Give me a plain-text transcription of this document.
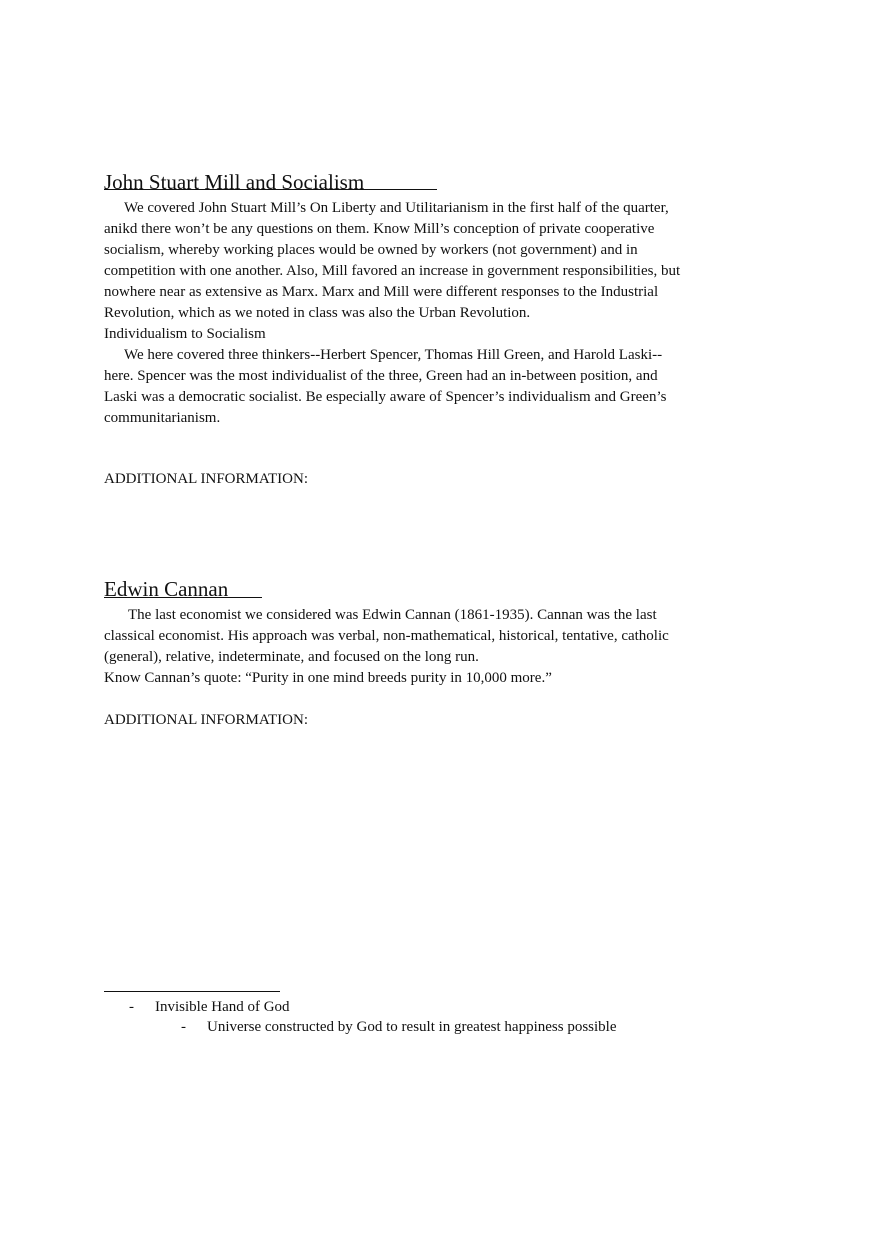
John Stuart Mill and Socialism
We covered John Stuart Mill’s On Liberty and Utilitarianism in the first half of the quarter,
anikd there won’t be any questions on them. Know Mill’s conception of private cooperative
socialism, whereby working places would be owned by workers (not government) and in
competition with one another. Also, Mill favored an increase in government responsibilities, but
nowhere near as extensive as Marx. Marx and Mill were different responses to the Industrial
Revolution, which as we noted in class was also the Urban Revolution.
Individualism to Socialism
We here covered three thinkers--Herbert Spencer, Thomas Hill Green, and Harold Laski--
here. Spencer was the most individualist of the three, Green had an in-between position, and
Laski was a democratic socialist. Be especially aware of Spencer’s individualism and Green’s
communitarianism.

ADDITIONAL INFORMATION:

Edwin Cannan
The last economist we considered was Edwin Cannan (1861-1935). Cannan was the last
classical economist. His approach was verbal, non-mathematical, historical, tentative, catholic
(general), relative, indeterminate, and focused on the long run.
Know Cannan’s quote: “Purity in one mind breeds purity in 10,000 more.”

ADDITIONAL INFORMATION:

- Invisible Hand of God
- Universe constructed by God to result in greatest happiness possible
